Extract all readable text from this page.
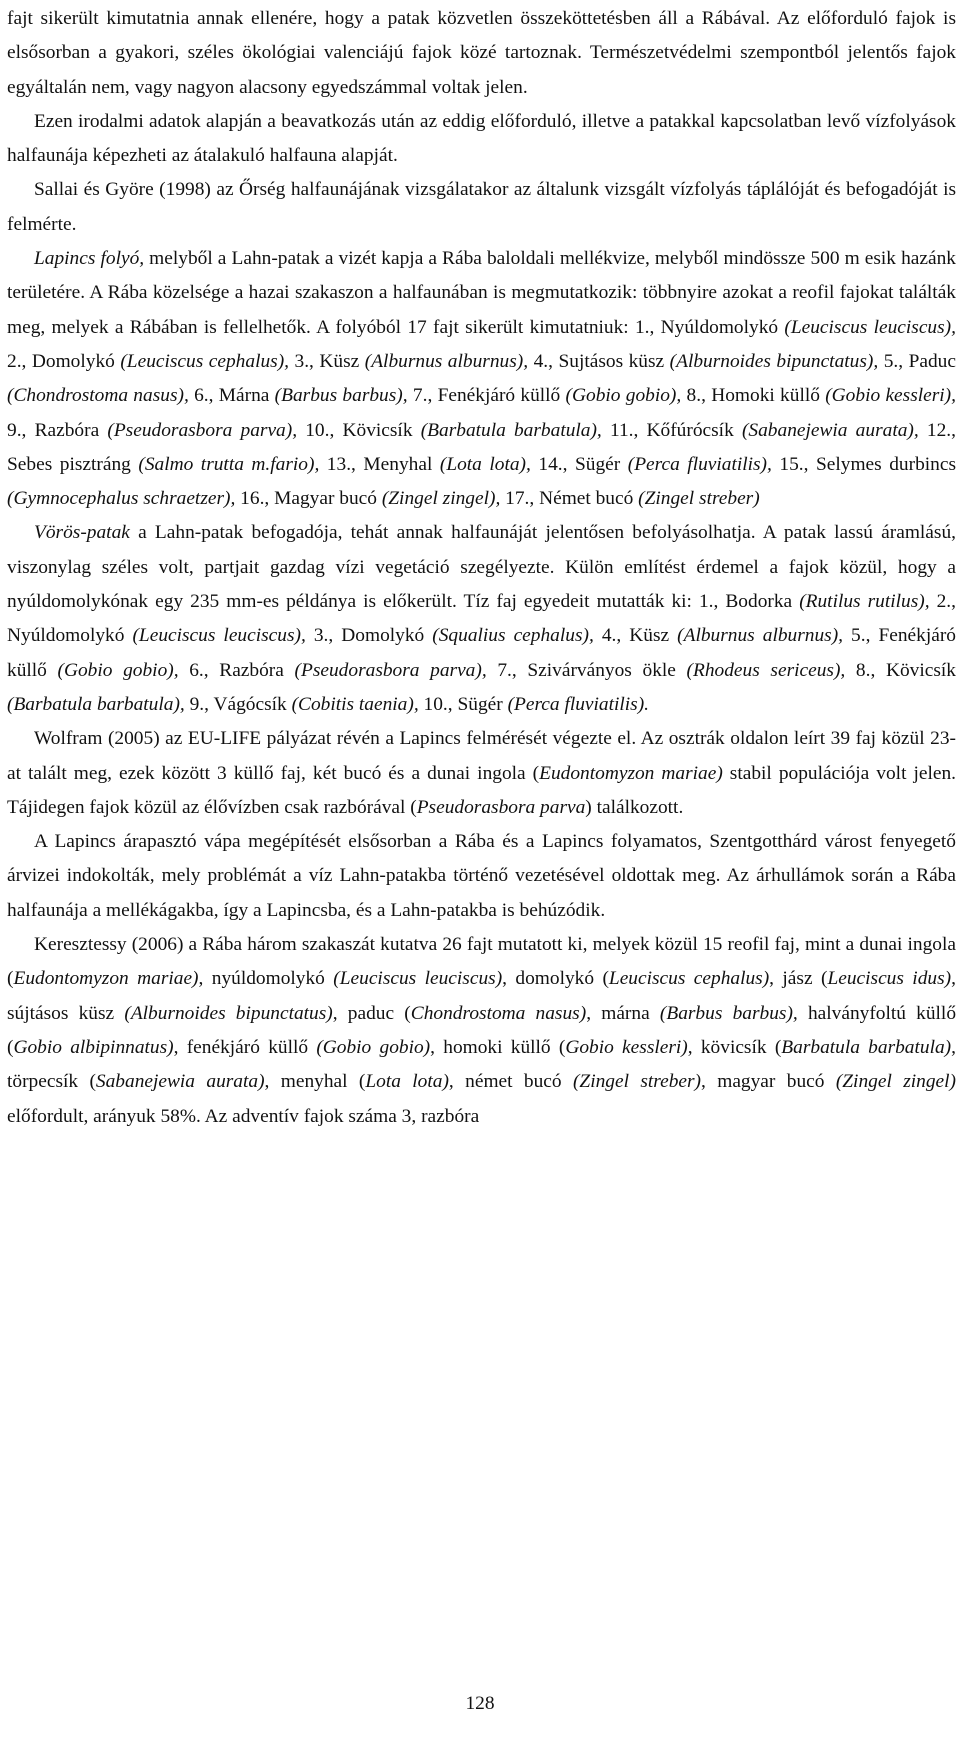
fajt sikerült kimutatnia annak ellenére, hogy a patak közvetlen összeköttetésben áll a Rábával. Az előforduló fajok is elsősorban a gyakori, széles ökológiai valenciájú fajok közé tartoznak. Természetvédelmi szempontból jelentős fajok egyáltalán nem, vagy nagyon alacsony egyedszámmal voltak jelen.

Ezen irodalmi adatok alapján a beavatkozás után az eddig előforduló, illetve a patakkal kapcsolatban levő vízfolyások halfaunája képezheti az átalakuló halfauna alapját.

Sallai és Györe (1998) az Őrség halfaunájának vizsgálatakor az általunk vizsgált vízfolyás táplálóját és befogadóját is felmérte.

Lapincs folyó, melyből a Lahn-patak a vizét kapja a Rába baloldali mellékvize, melyből mindössze 500 m esik hazánk területére. A Rába közelsége a hazai szakaszon a halfaunában is megmutatkozik: többnyire azokat a reofil fajokat találták meg, melyek a Rábában is fellelhetők. A folyóból 17 fajt sikerült kimutatniuk: 1., Nyúldomolykó (Leuciscus leuciscus), 2., Domolykó (Leuciscus cephalus), 3., Küsz (Alburnus alburnus), 4., Sujtásos küsz (Alburnoides bipunctatus), 5., Paduc (Chondrostoma nasus), 6., Márna (Barbus barbus), 7., Fenékjáró küllő (Gobio gobio), 8., Homoki küllő (Gobio kessleri), 9., Razbóra (Pseudorasbora parva), 10., Kövicsík (Barbatula barbatula), 11., Kőfúrócsík (Sabanejewia aurata), 12., Sebes pisztráng (Salmo trutta m.fario), 13., Menyhal (Lota lota), 14., Sügér (Perca fluviatilis), 15., Selymes durbincs (Gymnocephalus schraetzer), 16., Magyar bucó (Zingel zingel), 17., Német bucó (Zingel streber)

Vörös-patak a Lahn-patak befogadója, tehát annak halfaunáját jelentősen befolyásolhatja. A patak lassú áramlású, viszonylag széles volt, partjait gazdag vízi vegetáció szegélyezte. Külön említést érdemel a fajok közül, hogy a nyúldomolykónak egy 235 mm-es példánya is előkerült. Tíz faj egyedeit mutatták ki: 1., Bodorka (Rutilus rutilus), 2., Nyúldomolykó (Leuciscus leuciscus), 3., Domolykó (Squalius cephalus), 4., Küsz (Alburnus alburnus), 5., Fenékjáró küllő (Gobio gobio), 6., Razbóra (Pseudorasbora parva), 7., Szivárványos ökle (Rhodeus sericeus), 8., Kövicsík (Barbatula barbatula), 9., Vágócsík (Cobitis taenia), 10., Sügér (Perca fluviatilis).

Wolfram (2005) az EU-LIFE pályázat révén a Lapincs felmérését végezte el. Az osztrák oldalon leírt 39 faj közül 23-at talált meg, ezek között 3 küllő faj, két bucó és a dunai ingola (Eudontomyzon mariae) stabil populációja volt jelen. Tájidegen fajok közül az élővízben csak razbórával (Pseudorasbora parva) találkozott.

A Lapincs árapasztó vápa megépítését elsősorban a Rába és a Lapincs folyamatos, Szentgotthárd várost fenyegető árvizei indokolták, mely problémát a víz Lahn-patakba történő vezetésével oldottak meg. Az árhullámok során a Rába halfaunája a mellékágakba, így a Lapincsba, és a Lahn-patakba is behúzódik.

Keresztessy (2006) a Rába három szakaszát kutatva 26 fajt mutatott ki, melyek közül 15 reofil faj, mint a dunai ingola (Eudontomyzon mariae), nyúldomolykó (Leuciscus leuciscus), domolykó (Leuciscus cephalus), jász (Leuciscus idus), sújtásos küsz (Alburnoides bipunctatus), paduc (Chondrostoma nasus), márna (Barbus barbus), halványfoltú küllő (Gobio albipinnatus), fenékjáró küllő (Gobio gobio), homoki küllő (Gobio kessleri), kövicsík (Barbatula barbatula), törpecsík (Sabanejewia aurata), menyhal (Lota lota), német bucó (Zingel streber), magyar bucó (Zingel zingel) előfordult, arányuk 58%. Az adventív fajok száma 3, razbóra

128
